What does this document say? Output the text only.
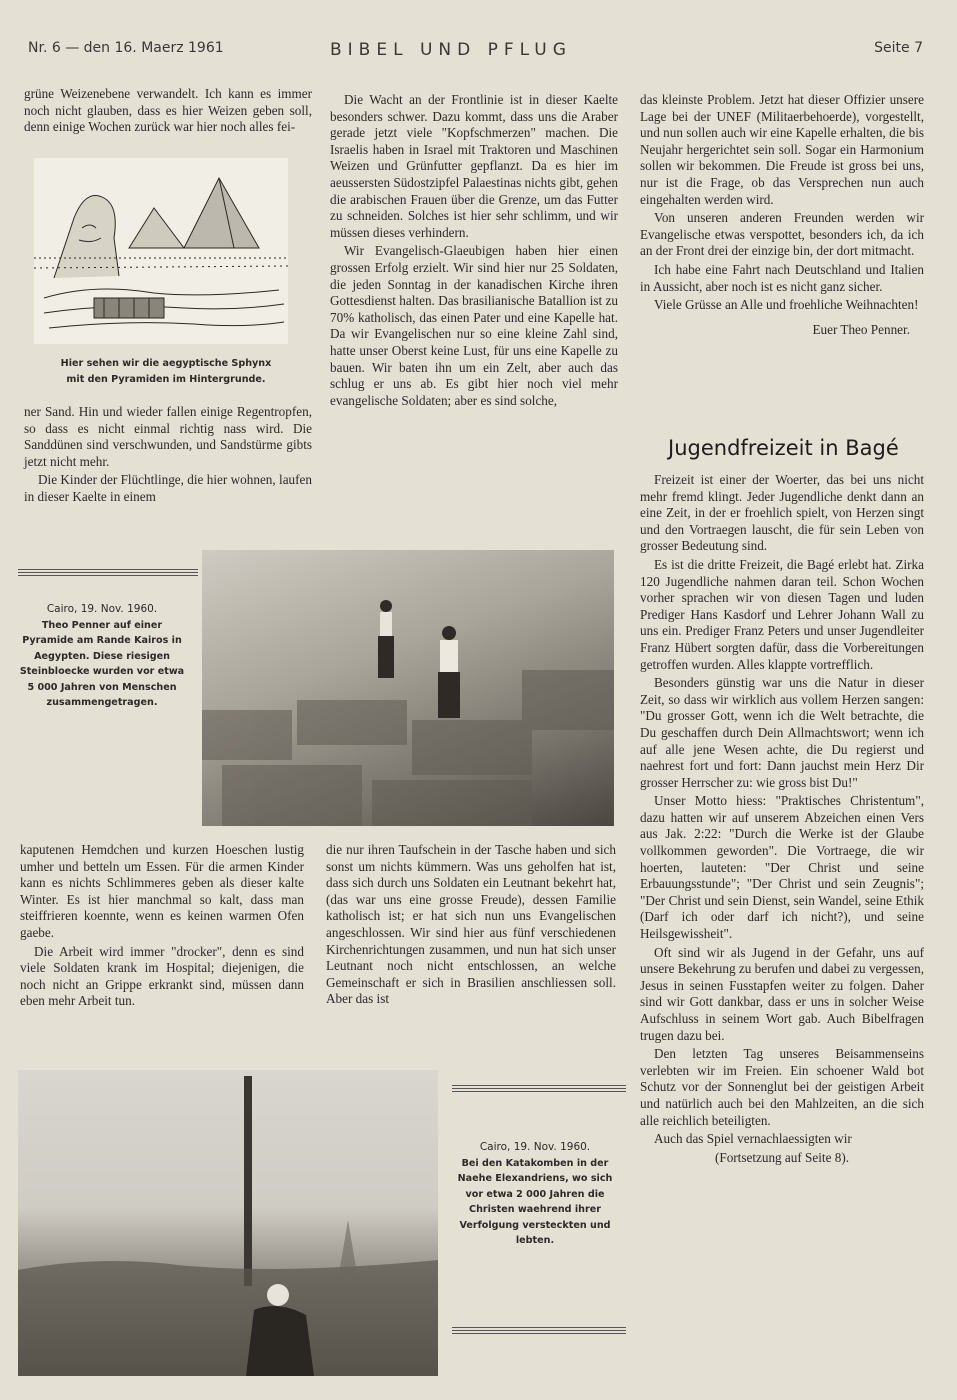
Nr. 6 — den 16. Maerz 1961	BIBEL UND PFLUG	Seite 7

grüne Weizenebene verwandelt. Ich kann es immer noch nicht glauben, dass es hier Weizen geben soll, denn einige Wochen zurück war hier noch alles fei-

Hier sehen wir die aegyptische Sphynx
mit den Pyramiden im Hintergrunde.

ner Sand. Hin und wieder fallen einige Regentropfen, so dass es nicht einmal richtig nass wird. Die Sanddünen sind verschwunden, und Sandstürme gibts jetzt nicht mehr.

Die Kinder der Flüchtlinge, die hier wohnen, laufen in dieser Kaelte in einem

Die Wacht an der Frontlinie ist in dieser Kaelte besonders schwer. Dazu kommt, dass uns die Araber gerade jetzt viele "Kopfschmerzen" machen. Die Israelis haben in Israel mit Traktoren und Maschinen Weizen und Grünfutter gepflanzt. Da es hier im aeussersten Südostzipfel Palaestinas nichts gibt, gehen die arabischen Frauen über die Grenze, um das Futter zu schneiden. Solches ist hier sehr schlimm, und wir müssen dieses verhindern.

Wir Evangelisch-Glaeubigen haben hier einen grossen Erfolg erzielt. Wir sind hier nur 25 Soldaten, die jeden Sonntag in der kanadischen Kirche ihren Gottesdienst halten. Das brasilianische Batallion ist zu 70% katholisch, das einen Pater und eine Kapelle hat. Da wir Evangelischen nur so eine kleine Zahl sind, hatte unser Oberst keine Lust, für uns eine Kapelle zu bauen. Wir baten ihn um ein Zelt, aber auch das schlug er uns ab. Es gibt hier noch viel mehr evangelische Soldaten; aber es sind solche,

das kleinste Problem. Jetzt hat dieser Offizier unsere Lage bei der UNEF (Militaerbehoerde), vorgestellt, und nun sollen auch wir eine Kapelle erhalten, die bis Neujahr hergerichtet sein soll. Sogar ein Harmonium sollen wir bekommen. Die Freude ist gross bei uns, nur ist die Frage, ob das Versprechen nun auch eingehalten werden wird.

Von unseren anderen Freunden werden wir Evangelische etwas verspottet, besonders ich, da ich an der Front drei der einzige bin, der dort mitmacht.

Ich habe eine Fahrt nach Deutschland und Italien in Aussicht, aber noch ist es nicht ganz sicher.

Viele Grüsse an Alle und froehliche Weihnachten!

Euer Theo Penner.

Jugendfreizeit in Bagé

Freizeit ist einer der Woerter, das bei uns nicht mehr fremd klingt. Jeder Jugendliche denkt dann an eine Zeit, in der er froehlich spielt, von Herzen singt und den Vortraegen lauscht, die für sein Leben von grosser Bedeutung sind.

Es ist die dritte Freizeit, die Bagé erlebt hat. Zirka 120 Jugendliche nahmen daran teil. Schon Wochen vorher sprachen wir von diesen Tagen und luden Prediger Hans Kasdorf und Lehrer Johann Wall zu uns ein. Prediger Franz Peters und unser Jugendleiter Franz Hübert sorgten dafür, dass die Vorbereitungen getroffen wurden. Alles klappte vortrefflich.

Besonders günstig war uns die Natur in dieser Zeit, so dass wir wirklich aus vollem Herzen sangen: "Du grosser Gott, wenn ich die Welt betrachte, die Du geschaffen durch Dein Allmachtswort; wenn ich auf alle jene Wesen achte, die Du regierst und naehrest fort und fort: Dann jauchst mein Herz Dir grosser Herrscher zu: wie gross bist Du!"

Unser Motto hiess: "Praktisches Christentum", dazu hatten wir auf unserem Abzeichen einen Vers aus Jak. 2:22: "Durch die Werke ist der Glaube vollkommen geworden". Die Vortraege, die wir hoerten, lauteten: "Der Christ und seine Erbauungsstunde"; "Der Christ und sein Zeugnis"; "Der Christ und sein Dienst, sein Wandel, seine Ethik (Darf ich oder darf ich nicht?), und seine Heilsgewissheit".

Oft sind wir als Jugend in der Gefahr, uns auf unsere Bekehrung zu berufen und dabei zu vergessen, Jesus in seinen Fusstapfen weiter zu folgen. Daher sind wir Gott dankbar, dass er uns in solcher Weise Aufschluss in seinem Wort gab. Auch Bibelfragen trugen dazu bei.

Den letzten Tag unseres Beisammenseins verlebten wir im Freien. Ein schoener Wald bot Schutz vor der Sonnenglut bei der geistigen Arbeit und natürlich auch bei den Mahlzeiten, an die sich alle reichlich beteiligten.

Auch das Spiel vernachlaessigten wir

(Fortsetzung auf Seite 8).

Cairo, 19. Nov. 1960.
Theo Penner auf einer Pyramide am Rande Kairos in Aegypten. Diese riesigen Steinbloecke wurden vor etwa 5 000 Jahren von Menschen zusammengetragen.

kaputenen Hemdchen und kurzen Hoeschen lustig umher und betteln um Essen. Für die armen Kinder kann es nichts Schlimmeres geben als dieser kalte Winter. Es ist hier manchmal so kalt, dass man steiffrieren koennte, wenn es keinen warmen Ofen gaebe.

Die Arbeit wird immer "drocker", denn es sind viele Soldaten krank im Hospital; diejenigen, die noch nicht an Grippe erkrankt sind, müssen dann eben mehr Arbeit tun.

die nur ihren Taufschein in der Tasche haben und sich sonst um nichts kümmern. Was uns geholfen hat ist, dass sich durch uns Soldaten ein Leutnant bekehrt hat, (das war uns eine grosse Freude), dessen Familie katholisch ist; er hat sich nun uns Evangelischen angeschlossen. Wir sind hier aus fünf verschiedenen Kirchenrichtungen zusammen, und nun hat sich unser Leutnant noch nicht entschlossen, an welche Gemeinschaft er sich in Brasilien anschliessen soll. Aber das ist

Cairo, 19. Nov. 1960.
Bei den Katakomben in der Naehe Elexandriens, wo sich vor etwa 2 000 Jahren die Christen waehrend ihrer Verfolgung versteckten und lebten.
